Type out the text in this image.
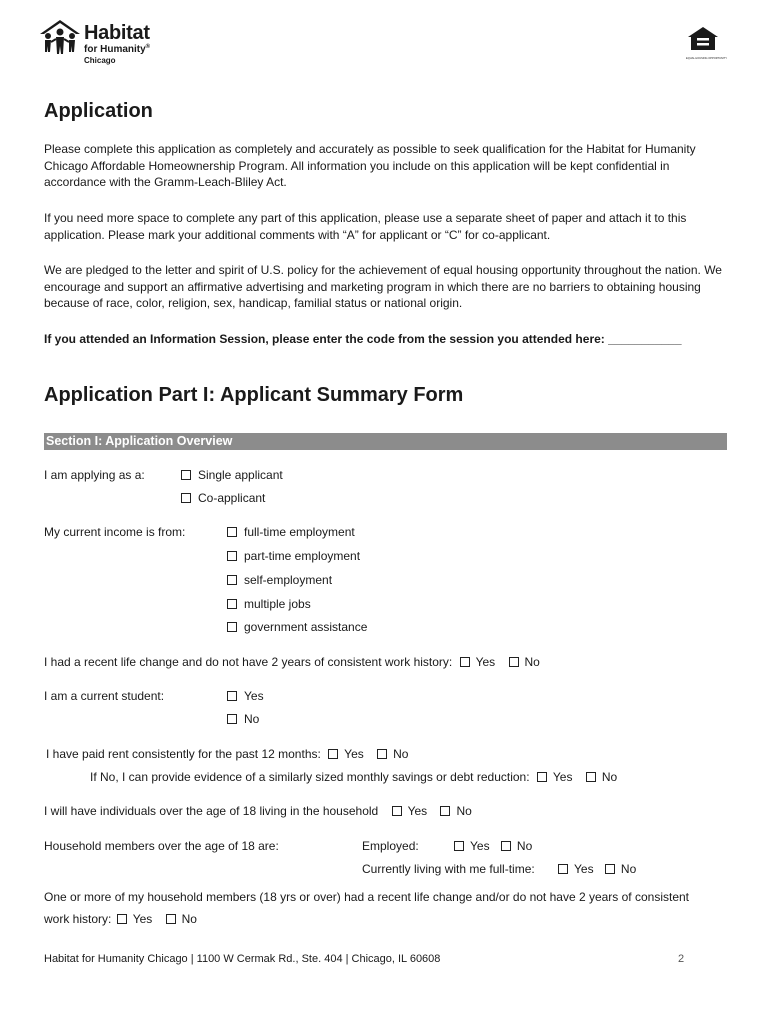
Habitat
for Humanity®
Chicago	EQUAL HOUSING OPPORTUNITY
Application

Please complete this application as completely and accurately as possible to seek qualification for the Habitat for Humanity Chicago Affordable Homeownership Program. All information you include on this application will be kept confidential in accordance with the Gramm-Leach-Bliley Act.

If you need more space to complete any part of this application, please use a separate sheet of paper and attach it to this application. Please mark your additional comments with “A” for applicant or “C” for co-applicant.

We are pledged to the letter and spirit of U.S. policy for the achievement of equal housing opportunity throughout the nation. We encourage and support an affirmative advertising and marketing program in which there are no barriers to obtaining housing because of race, color, religion, sex, handicap, familial status or national origin.

If you attended an Information Session, please enter the code from the session you attended here: ___________

Application Part I: Applicant Summary Form
Section I: Application Overview
I am applying as a:	Single applicant
Co-applicant
My current income is from:	full-time employment
part-time employment
self-employment
multiple jobs
government assistance
I had a recent life change and do not have 2 years of consistent work history: Yes No
I am a current student:	Yes
No
I have paid rent consistently for the past 12 months: Yes No
If No, I can provide evidence of a similarly sized monthly savings or debt reduction: Yes No
I will have individuals over the age of 18 living in the household Yes No
Household members over the age of 18 are:	Employed:	Yes No
Currently living with me full-time:	Yes No
One or more of my household members (18 yrs or over) had a recent life change and/or do not have 2 years of consistent
work history: Yes No
Habitat for Humanity Chicago | 1100 W Cermak Rd., Ste. 404 | Chicago, IL 60608	2
